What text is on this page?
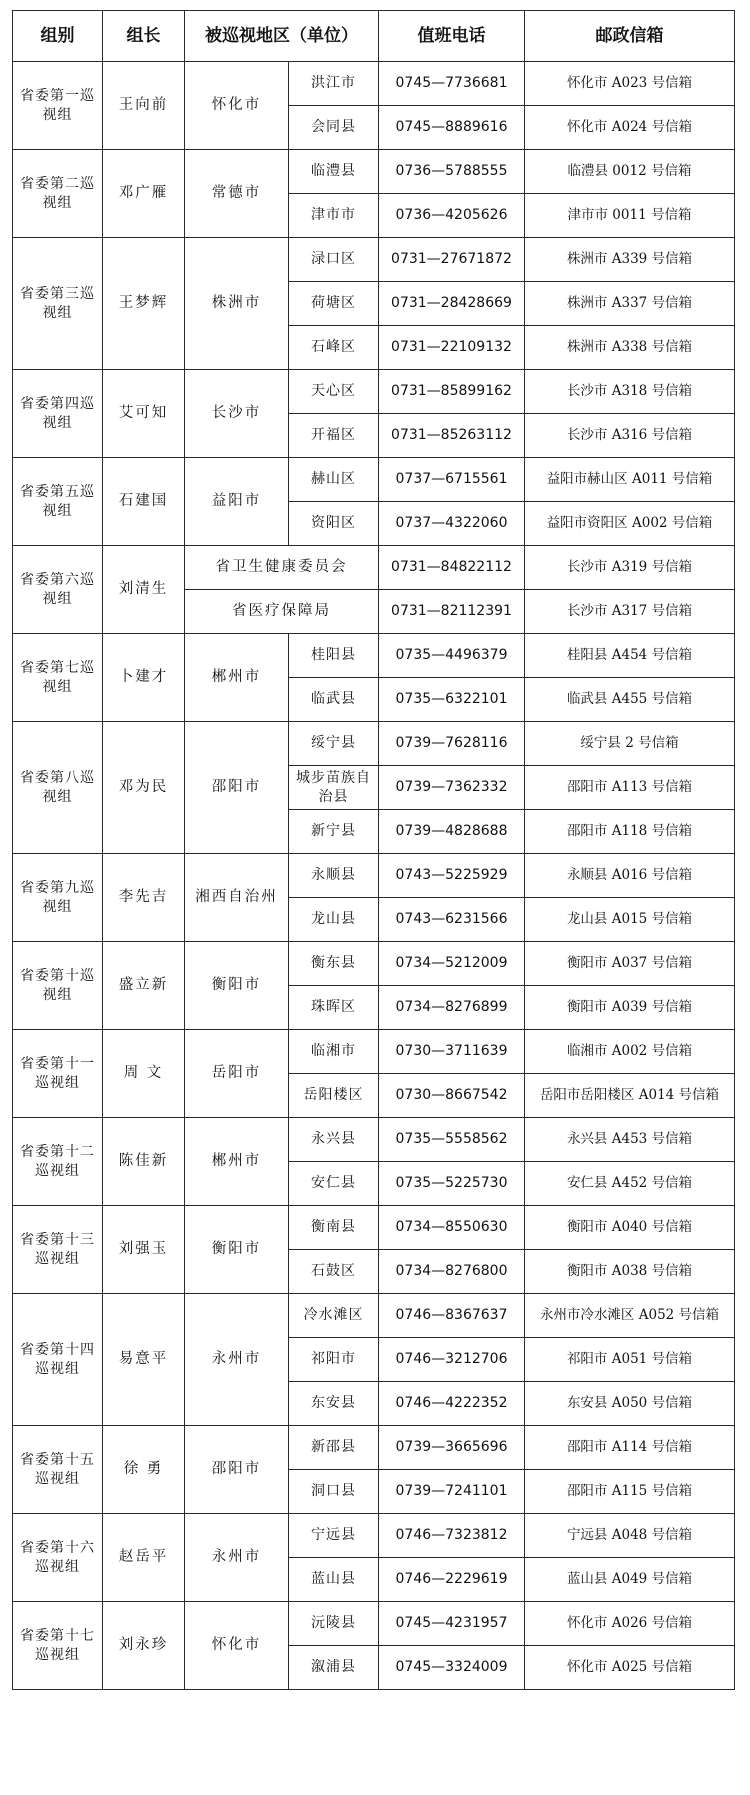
组别	组长	被巡视地区（单位）		值班电话	邮政信箱
省委第一巡视组	王向前	怀化市	洪江市	0745—7736681	怀化市 A023 号信箱
			会同县	0745—8889616	怀化市 A024 号信箱
省委第二巡视组	邓广雁	常德市	临澧县	0736—5788555	临澧县 0012 号信箱
			津市市	0736—4205626	津市市 0011 号信箱
省委第三巡视组	王梦辉	株洲市	渌口区	0731—27671872	株洲市 A339 号信箱
			荷塘区	0731—28428669	株洲市 A337 号信箱
			石峰区	0731—22109132	株洲市 A338 号信箱
省委第四巡视组	艾可知	长沙市	天心区	0731—85899162	长沙市 A318 号信箱
			开福区	0731—85263112	长沙市 A316 号信箱
省委第五巡视组	石建国	益阳市	赫山区	0737—6715561	益阳市赫山区 A011 号信箱
			资阳区	0737—4322060	益阳市资阳区 A002 号信箱
省委第六巡视组	刘清生	省卫生健康委员会		0731—84822112	长沙市 A319 号信箱
		省医疗保障局		0731—82112391	长沙市 A317 号信箱
省委第七巡视组	卜建才	郴州市	桂阳县	0735—4496379	桂阳县 A454 号信箱
			临武县	0735—6322101	临武县 A455 号信箱
省委第八巡视组	邓为民	邵阳市	绥宁县	0739—7628116	绥宁县 2 号信箱
			城步苗族自治县	0739—7362332	邵阳市 A113 号信箱
			新宁县	0739—4828688	邵阳市 A118 号信箱
省委第九巡视组	李先吉	湘西自治州	永顺县	0743—5225929	永顺县 A016 号信箱
			龙山县	0743—6231566	龙山县 A015 号信箱
省委第十巡视组	盛立新	衡阳市	衡东县	0734—5212009	衡阳市 A037 号信箱
			珠晖区	0734—8276899	衡阳市 A039 号信箱
省委第十一巡视组	周 文	岳阳市	临湘市	0730—3711639	临湘市 A002 号信箱
			岳阳楼区	0730—8667542	岳阳市岳阳楼区 A014 号信箱
省委第十二巡视组	陈佳新	郴州市	永兴县	0735—5558562	永兴县 A453 号信箱
			安仁县	0735—5225730	安仁县 A452 号信箱
省委第十三巡视组	刘强玉	衡阳市	衡南县	0734—8550630	衡阳市 A040 号信箱
			石鼓区	0734—8276800	衡阳市 A038 号信箱
省委第十四巡视组	易意平	永州市	冷水滩区	0746—8367637	永州市冷水滩区 A052 号信箱
			祁阳市	0746—3212706	祁阳市 A051 号信箱
			东安县	0746—4222352	东安县 A050 号信箱
省委第十五巡视组	徐 勇	邵阳市	新邵县	0739—3665696	邵阳市 A114 号信箱
			洞口县	0739—7241101	邵阳市 A115 号信箱
省委第十六巡视组	赵岳平	永州市	宁远县	0746—7323812	宁远县 A048 号信箱
			蓝山县	0746—2229619	蓝山县 A049 号信箱
省委第十七巡视组	刘永珍	怀化市	沅陵县	0745—4231957	怀化市 A026 号信箱
			溆浦县	0745—3324009	怀化市 A025 号信箱
